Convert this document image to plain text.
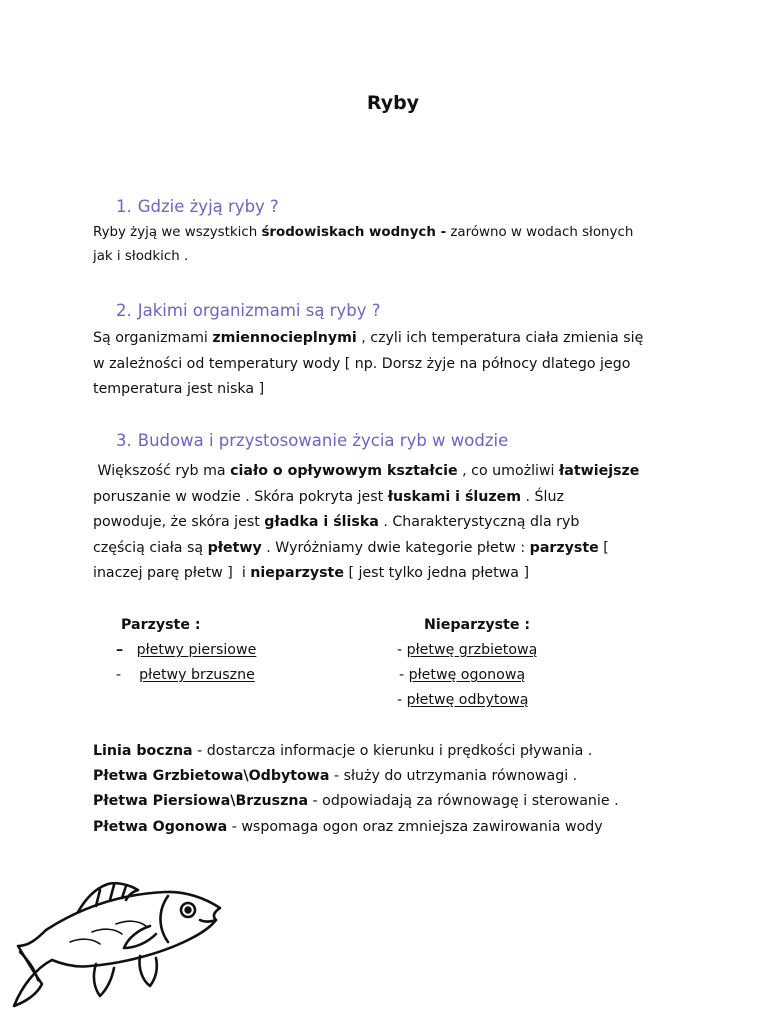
Ryby
1. Gdzie żyją ryby ?
Ryby żyją we wszystkich środowiskach wodnych - zarówno w wodach słonych
jak i słodkich .
2. Jakimi organizmami są ryby ?
Są organizmami zmiennocieplnymi , czyli ich temperatura ciała zmienia się
w zależności od temperatury wody [ np. Dorsz żyje na północy dlatego jego
temperatura jest niska ]
3. Budowa i przystosowanie życia ryb w wodzie
Większość ryb ma ciało o opływowym kształcie , co umożliwi łatwiejsze
poruszanie w wodzie . Skóra pokryta jest łuskami i śluzem . Śluz
powoduje, że skóra jest gładka i śliska . Charakterystyczną dla ryb
częścią ciała są płetwy . Wyróżniamy dwie kategorie płetw : parzyste [
inaczej parę płetw ]  i nieparzyste [ jest tylko jedna płetwa ]
Parzyste :
– płetwy piersiowe
- płetwy brzuszne
Nieparzyste :
- płetwę grzbietową
- płetwę ogonową
- płetwę odbytową
Linia boczna - dostarcza informacje o kierunku i prędkości pływania .
Płetwa Grzbietowa\Odbytowa - służy do utrzymania równowagi .
Płetwa Piersiowa\Brzuszna - odpowiadają za równowagę i sterowanie .
Płetwa Ogonowa - wspomaga ogon oraz zmniejsza zawirowania wody
